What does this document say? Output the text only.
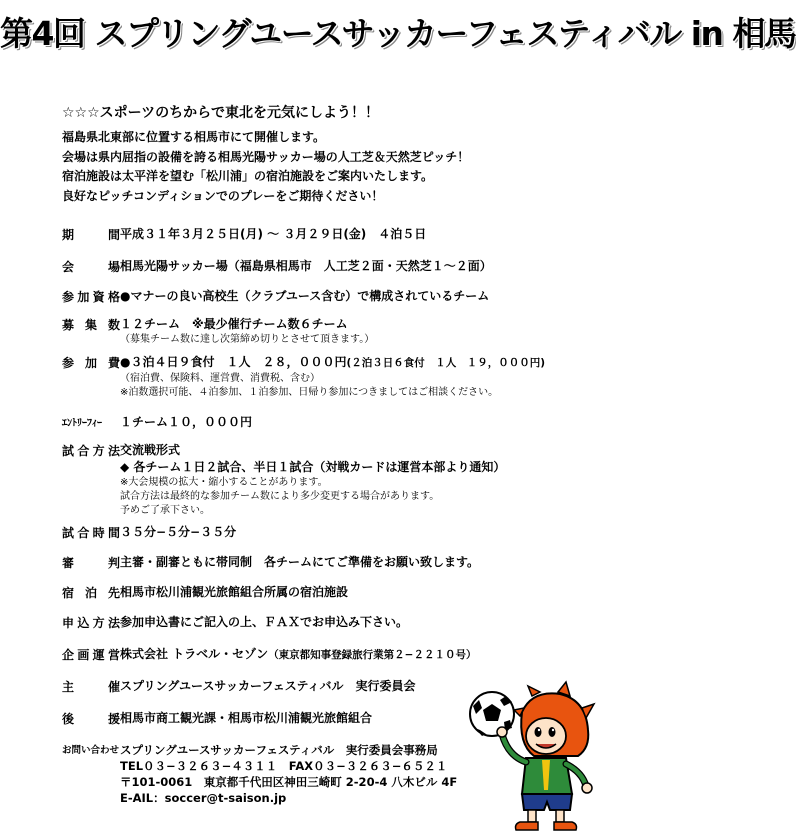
第4回 スプリングユースサッカーフェスティバル in 相馬
☆☆☆スポーツのちからで東北を元気にしよう！！
福島県北東部に位置する相馬市にて開催します。
会場は県内屈指の設備を誇る相馬光陽サッカー場の人工芝＆天然芝ピッチ！
宿泊施設は太平洋を望む「松川浦」の宿泊施設をご案内いたします。
良好なピッチコンディションでのプレーをご期待ください！
期間 平成３１年３月２５日(月) 〜 ３月２９日(金)　４泊５日
会場 相馬光陽サッカー場（福島県相馬市　人工芝２面・天然芝１〜２面）
参加資格 ●マナーの良い高校生（クラブユース含む）で構成されているチーム
募集数 １２チーム　※最少催行チーム数６チーム
（募集チーム数に達し次第締め切りとさせて頂きます。）
参加費 ●３泊４日９食付　１人　２８，０００円(２泊３日６食付　１人　１９，０００円)
（宿泊費、保険料、運営費、消費税、含む）
※泊数選択可能、４泊参加、１泊参加、日帰り参加につきましてはご相談ください。
ｴﾝﾄﾘｰﾌｨｰ	１チーム１０，０００円
試合方法 交流戦形式
◆ 各チーム１日２試合、半日１試合（対戦カードは運営本部より通知）
※大会規模の拡大・縮小することがあります。
試合方法は最終的な参加チーム数により多少変更する場合があります。
予めご了承下さい。
試合時間 ３５分−５分−３５分
審判 主審・副審ともに帯同制　各チームにてご準備をお願い致します。
宿泊先 相馬市松川浦観光旅館組合所属の宿泊施設
申込方法 参加申込書にご記入の上、ＦＡＸでお申込み下さい。
企画運営 株式会社 トラベル・セゾン（東京都知事登録旅行業第２−２２１０号）
主催 スプリングユースサッカーフェスティバル　実行委員会
後援 相馬市商工観光課・相馬市松川浦観光旅館組合
お問い合わせ スプリングユースサッカーフェスティバル　実行委員会事務局
TEL０３−３２６３−４３１１　FAX０３−３２６３−６５２１
〒101-0061　東京都千代田区神田三崎町 2-20-4 八木ビル 4F
E-AIL：soccer@t-saison.jp
